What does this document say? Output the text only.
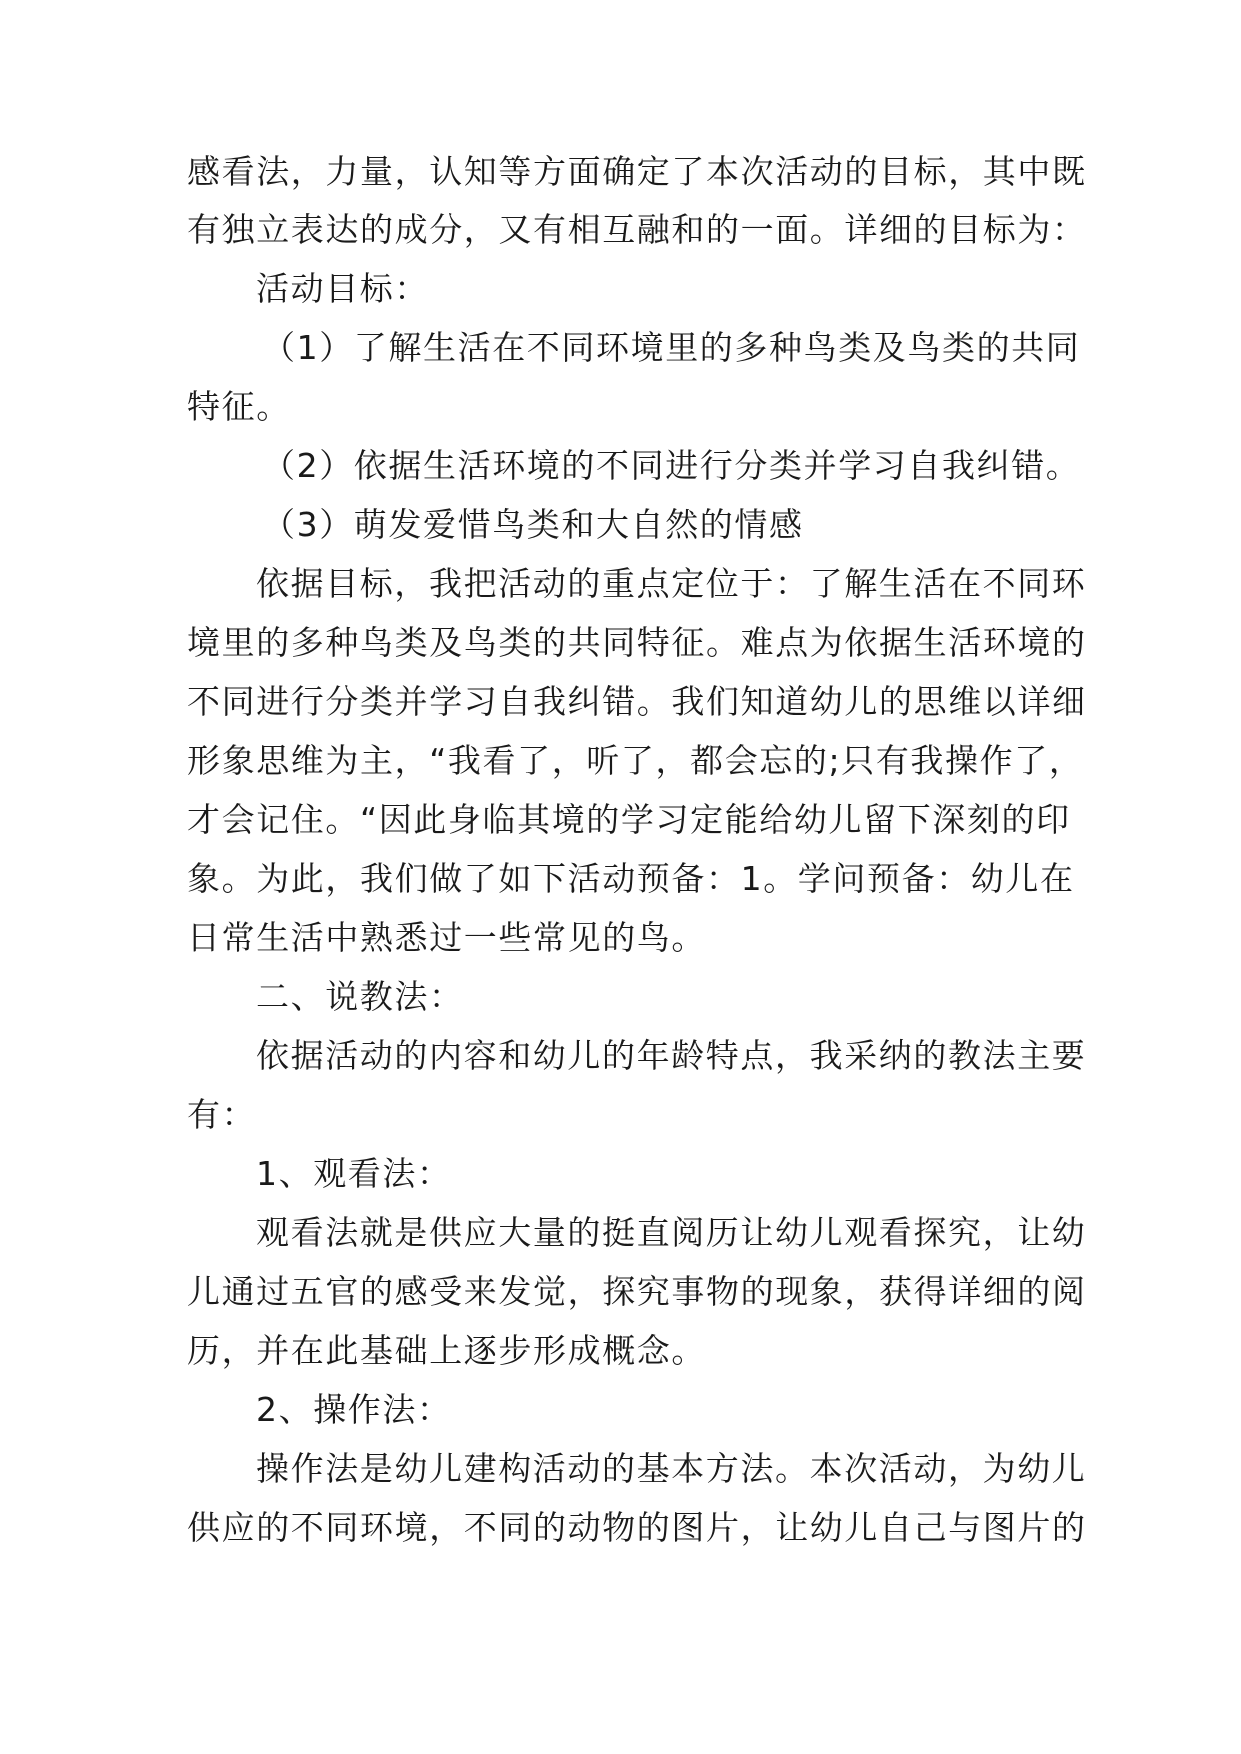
感看法，力量，认知等方面确定了本次活动的目标，其中既
有独立表达的成分，又有相互融和的一面。详细的目标为：
活动目标：
（1）了解生活在不同环境里的多种鸟类及鸟类的共同
特征。
（2）依据生活环境的不同进行分类并学习自我纠错。
（3）萌发爱惜鸟类和大自然的情感
依据目标，我把活动的重点定位于：了解生活在不同环
境里的多种鸟类及鸟类的共同特征。难点为依据生活环境的
不同进行分类并学习自我纠错。我们知道幼儿的思维以详细
形象思维为主，“我看了，听了，都会忘的;只有我操作了，
才会记住。“因此身临其境的学习定能给幼儿留下深刻的印
象。为此，我们做了如下活动预备：1。学问预备：幼儿在
日常生活中熟悉过一些常见的鸟。
二、说教法：
依据活动的内容和幼儿的年龄特点，我采纳的教法主要
有：
1、观看法：
观看法就是供应大量的挺直阅历让幼儿观看探究，让幼
儿通过五官的感受来发觉，探究事物的现象，获得详细的阅
历，并在此基础上逐步形成概念。
2、操作法：
操作法是幼儿建构活动的基本方法。本次活动，为幼儿
供应的不同环境，不同的动物的图片，让幼儿自己与图片的
